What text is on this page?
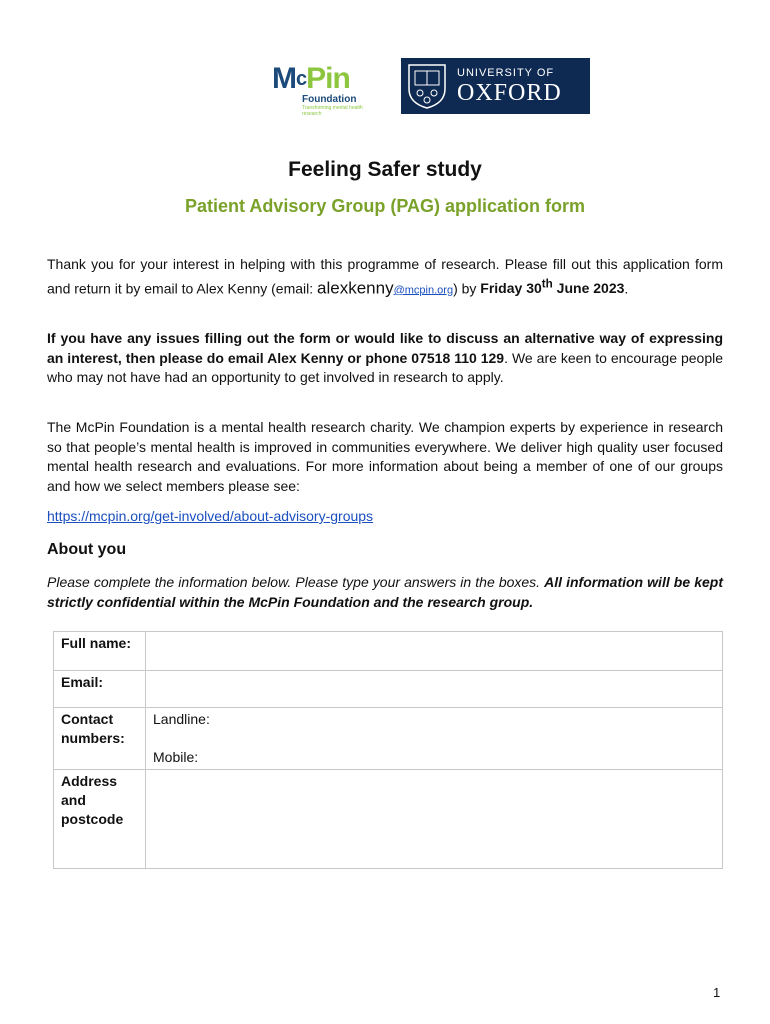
$M^cPin$
Foundation
Transforming mental health research
UNIVERSITY OF
OXFORD
Feeling Safer study
Patient Advisory Group (PAG) application form
Thank you for your interest in helping with this programme of research. Please fill out this application form and return it by email to Alex Kenny (email: alexkenny@mcpin.org) by Friday 30th June 2023.
If you have any issues filling out the form or would like to discuss an alternative way of expressing an interest, then please do email Alex Kenny or phone 07518 110 129. We are keen to encourage people who may not have had an opportunity to get involved in research to apply.
The McPin Foundation is a mental health research charity. We champion experts by experience in research so that people’s mental health is improved in communities everywhere. We deliver high quality user focused mental health research and evaluations. For more information about being a member of one of our groups and how we select members please see:
https://mcpin.org/get-involved/about-advisory-groups
About you
Please complete the information below. Please type your answers in the boxes. All information will be kept strictly confidential within the McPin Foundation and the research group.
Full name:	
Email:	
Contact numbers:	Landline:
Mobile:

Address and postcode	
1
